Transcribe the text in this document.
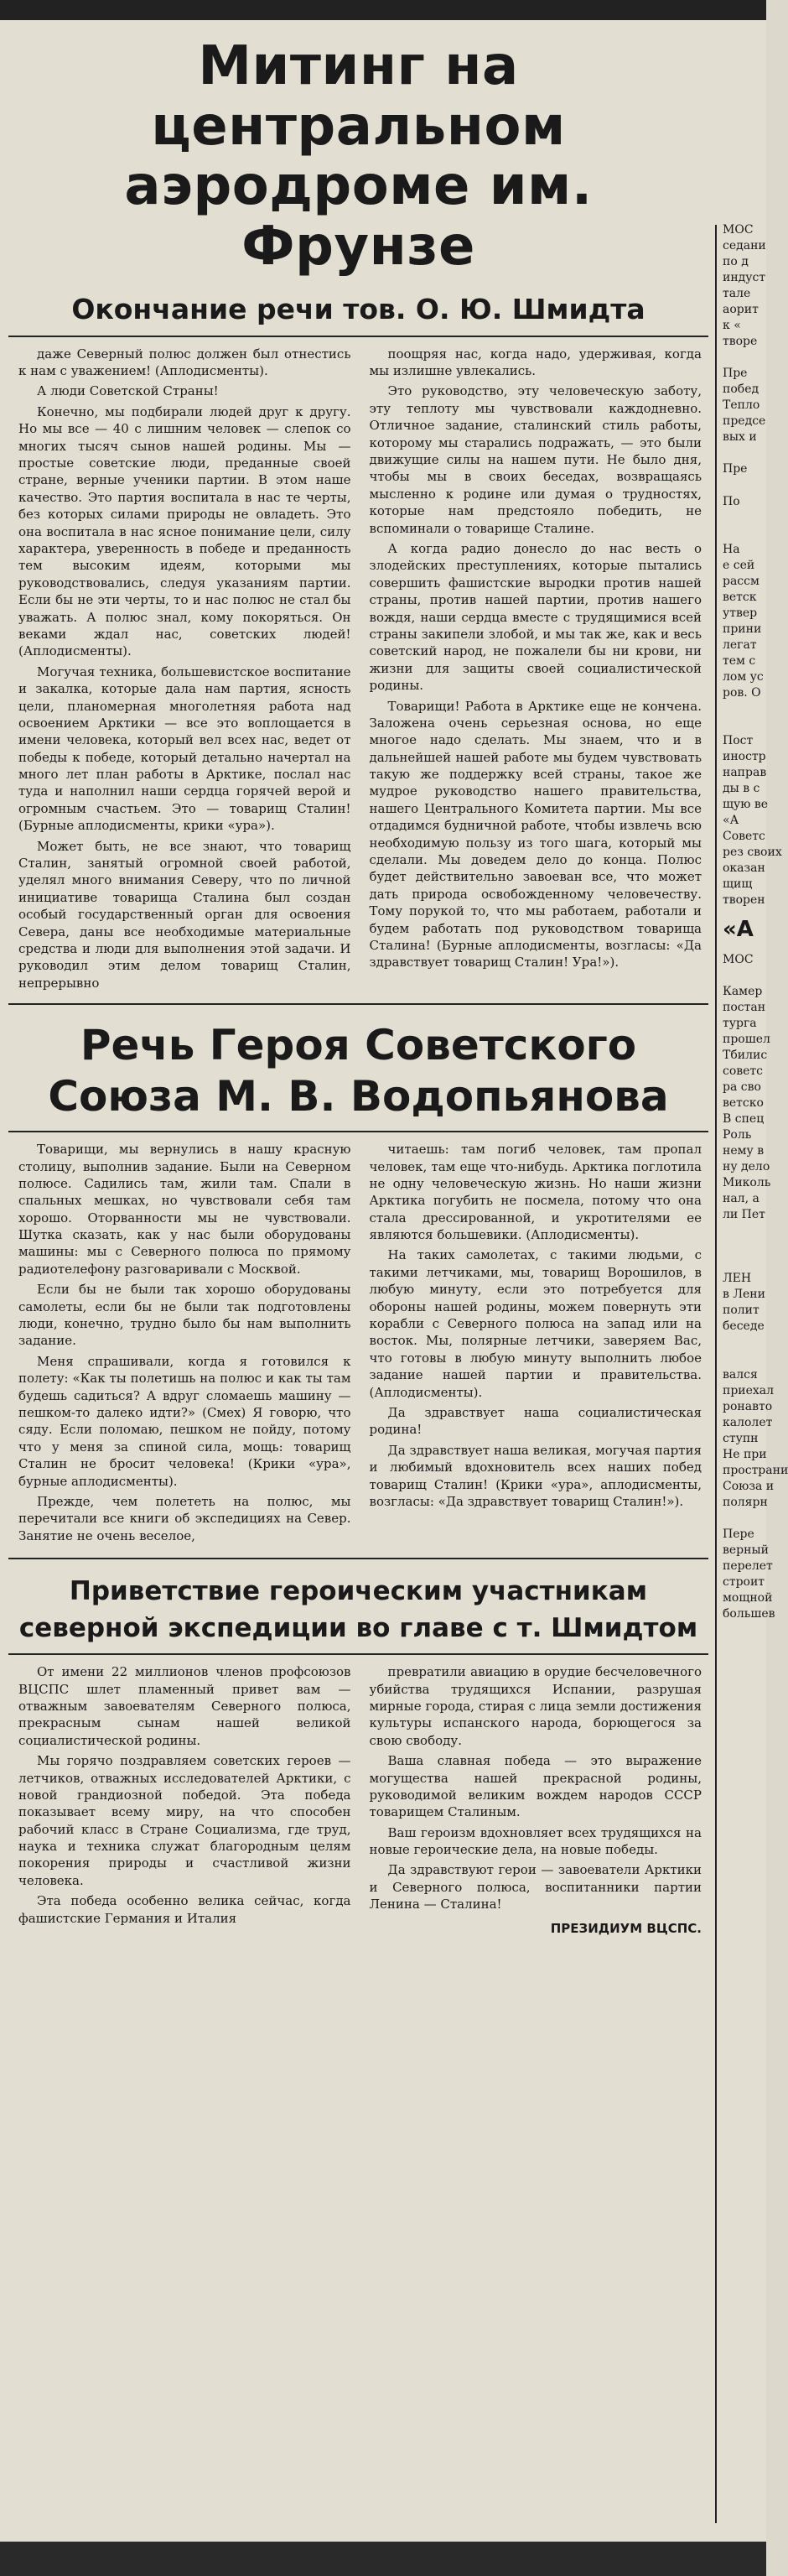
Митинг на центральном аэродроме им. Фрунзе
Окончание речи тов. О. Ю. Шмидта

даже Северный полюс должен был отнестись к нам с уважением! (Аплодисменты).

А люди Советской Страны!

Конечно, мы подбирали людей друг к другу. Но мы все — 40 с лишним человек — слепок со многих тысяч сынов нашей родины. Мы — простые советские люди, преданные своей стране, верные ученики партии. В этом наше качество. Это партия воспитала в нас те черты, без которых силами природы не овладеть. Это она воспитала в нас ясное понимание цели, силу характера, уверенность в победе и преданность тем высоким идеям, которыми мы руководствовались, следуя указаниям партии. Если бы не эти черты, то и нас полюс не стал бы уважать. А полюс знал, кому покоряться. Он веками ждал нас, советских людей! (Аплодисменты).

Могучая техника, большевистское воспитание и закалка, которые дала нам партия, ясность цели, планомерная многолетняя работа над освоением Арктики — все это воплощается в имени человека, который вел всех нас, ведет от победы к победе, который детально начертал на много лет план работы в Арктике, послал нас туда и наполнил наши сердца горячей верой и огромным счастьем. Это — товарищ Сталин! (Бурные аплодисменты, крики «ура»).

Может быть, не все знают, что товарищ Сталин, занятый огромной своей работой, уделял много внимания Северу, что по личной инициативе товарища Сталина был создан особый государственный орган для освоения Севера, даны все необходимые материальные средства и люди для выполнения этой задачи. И руководил этим делом товарищ Сталин, непрерывно

поощряя нас, когда надо, удерживая, когда мы излишне увлекались.

Это руководство, эту человеческую заботу, эту теплоту мы чувствовали каждодневно. Отличное задание, сталинский стиль работы, которому мы старались подражать, — это были движущие силы на нашем пути. Не было дня, чтобы мы в своих беседах, возвращаясь мысленно к родине или думая о трудностях, которые нам предстояло победить, не вспоминали о товарище Сталине.

А когда радио донесло до нас весть о злодейских преступлениях, которые пытались совершить фашистские выродки против нашей страны, против нашей партии, против нашего вождя, наши сердца вместе с трудящимися всей страны закипели злобой, и мы так же, как и весь советский народ, не пожалели бы ни крови, ни жизни для защиты своей социалистической родины.

Товарищи! Работа в Арктике еще не кончена. Заложена очень серьезная основа, но еще многое надо сделать. Мы знаем, что и в дальнейшей нашей работе мы будем чувствовать такую же поддержку всей страны, такое же мудрое руководство нашего правительства, нашего Центрального Комитета партии. Мы все отдадимся будничной работе, чтобы извлечь всю необходимую пользу из того шага, который мы сделали. Мы доведем дело до конца. Полюс будет действительно завоеван все, что может дать природа освобожденному человечеству. Тому порукой то, что мы работаем, работали и будем работать под руководством товарища Сталина! (Бурные аплодисменты, возгласы: «Да здравствует товарищ Сталин! Ура!»).

Речь Героя Советского Союза М. В. Водопьянова

Товарищи, мы вернулись в нашу красную столицу, выполнив задание. Были на Северном полюсе. Садились там, жили там. Спали в спальных мешках, но чувствовали себя там хорошо. Оторванности мы не чувствовали. Шутка сказать, как у нас были оборудованы машины: мы с Северного полюса по прямому радиотелефону разговаривали с Москвой.

Если бы не были так хорошо оборудованы самолеты, если бы не были так подготовлены люди, конечно, трудно было бы нам выполнить задание.

Меня спрашивали, когда я готовился к полету: «Как ты полетишь на полюс и как ты там будешь садиться? А вдруг сломаешь машину — пешком-то далеко идти?» (Смех) Я говорю, что сяду. Если поломаю, пешком не пойду, потому что у меня за спиной сила, мощь: товарищ Сталин не бросит человека! (Крики «ура», бурные аплодисменты).

Прежде, чем полететь на полюс, мы перечитали все книги об экспедициях на Север. Занятие не очень веселое,

читаешь: там погиб человек, там пропал человек, там еще что-нибудь. Арктика поглотила не одну человеческую жизнь. Но наши жизни Арктика погубить не посмела, потому что она стала дрессированной, и укротителями ее являются большевики. (Аплодисменты).

На таких самолетах, с такими людьми, с такими летчиками, мы, товарищ Ворошилов, в любую минуту, если это потребуется для обороны нашей родины, можем повернуть эти корабли с Северного полюса на запад или на восток. Мы, полярные летчики, заверяем Вас, что готовы в любую минуту выполнить любое задание нашей партии и правительства. (Аплодисменты).

Да здравствует наша социалистическая родина!

Да здравствует наша великая, могучая партия и любимый вдохновитель всех наших побед товарищ Сталин! (Крики «ура», аплодисменты, возгласы: «Да здравствует товарищ Сталин!»).

Приветствие героическим участникам северной экспедиции во главе с т. Шмидтом

От имени 22 миллионов членов профсоюзов ВЦСПС шлет пламенный привет вам — отважным завоевателям Северного полюса, прекрасным сынам нашей великой социалистической родины.

Мы горячо поздравляем советских героев — летчиков, отважных исследователей Арктики, с новой грандиозной победой. Эта победа показывает всему миру, на что способен рабочий класс в Стране Социализма, где труд, наука и техника служат благородным целям покорения природы и счастливой жизни человека.

Эта победа особенно велика сейчас, когда фашистские Германия и Италия

превратили авиацию в орудие бесчеловечного убийства трудящихся Испании, разрушая мирные города, стирая с лица земли достижения культуры испанского народа, борющегося за свою свободу.

Ваша славная победа — это выражение могущества нашей прекрасной родины, руководимой великим вождем народов СССР товарищем Сталиным.

Ваш героизм вдохновляет всех трудящихся на новые героические дела, на новые победы.

Да здравствуют герои — завоеватели Арктики и Северного полюса, воспитанники партии Ленина — Сталина!

ПРЕЗИДИУМ ВЦСПС.

МОС

седани

по д

индуст

тале

аорит

к «

творе

Пре

побед

Тепло

предсе

вых и

Пре

По

На

е сей

рассм

ветск

утвер

прини

легат

тем с

лом ус

ров. О

Пост

иностр

направ

ды в с

щую ве

«А

Советс

рез своих

оказан

щищ

творен

«А

МОС

Камер

постан

турга

прошел

Тбилис

советс

ра сво

ветско

В спец

Роль

нему в

ну дело

Миколь

нал, а

ли Пет

ЛЕН

в Лени

полит

беседе

вался

приехал

ронавто

калолет

ступн

Не при

пространи

Союза и

полярн

Пере

верный

перелет

строит

мощной

большев
